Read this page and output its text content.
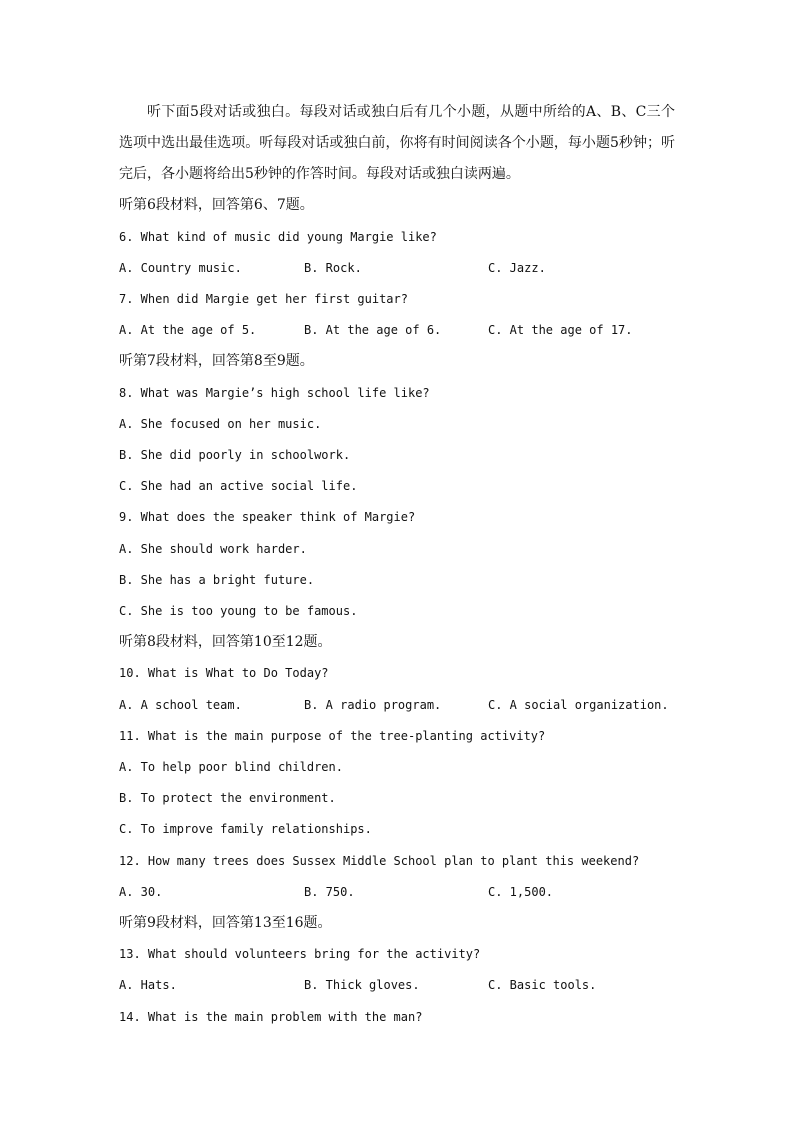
听下面5段对话或独白。每段对话或独白后有几个小题，从题中所给的A、B、C三个选项中选出最佳选项。听每段对话或独白前，你将有时间阅读各个小题，每小题5秒钟；听完后，各小题将给出5秒钟的作答时间。每段对话或独白读两遍。

听第6段材料，回答第6、7题。
6. What kind of music did young Margie like?
A. Country music.	B. Rock.	C. Jazz.
7. When did Margie get her first guitar?
A. At the age of 5.	B. At the age of 6.	C. At the age of 17.
听第7段材料，回答第8至9题。
8. What was Margie’s high school life like?
A. She focused on her music.
B. She did poorly in schoolwork.
C. She had an active social life.
9. What does the speaker think of Margie?
A. She should work harder.
B. She has a bright future.
C. She is too young to be famous.
听第8段材料，回答第10至12题。
10. What is What to Do Today?
A. A school team.	B. A radio program.	C. A social organization.
11. What is the main purpose of the tree-planting activity?
A. To help poor blind children.
B. To protect the environment.
C. To improve family relationships.
12. How many trees does Sussex Middle School plan to plant this weekend?
A. 30.	B. 750.	C. 1,500.
听第9段材料，回答第13至16题。
13. What should volunteers bring for the activity?
A. Hats.	B. Thick gloves.	C. Basic tools.
14. What is the main problem with the man?
